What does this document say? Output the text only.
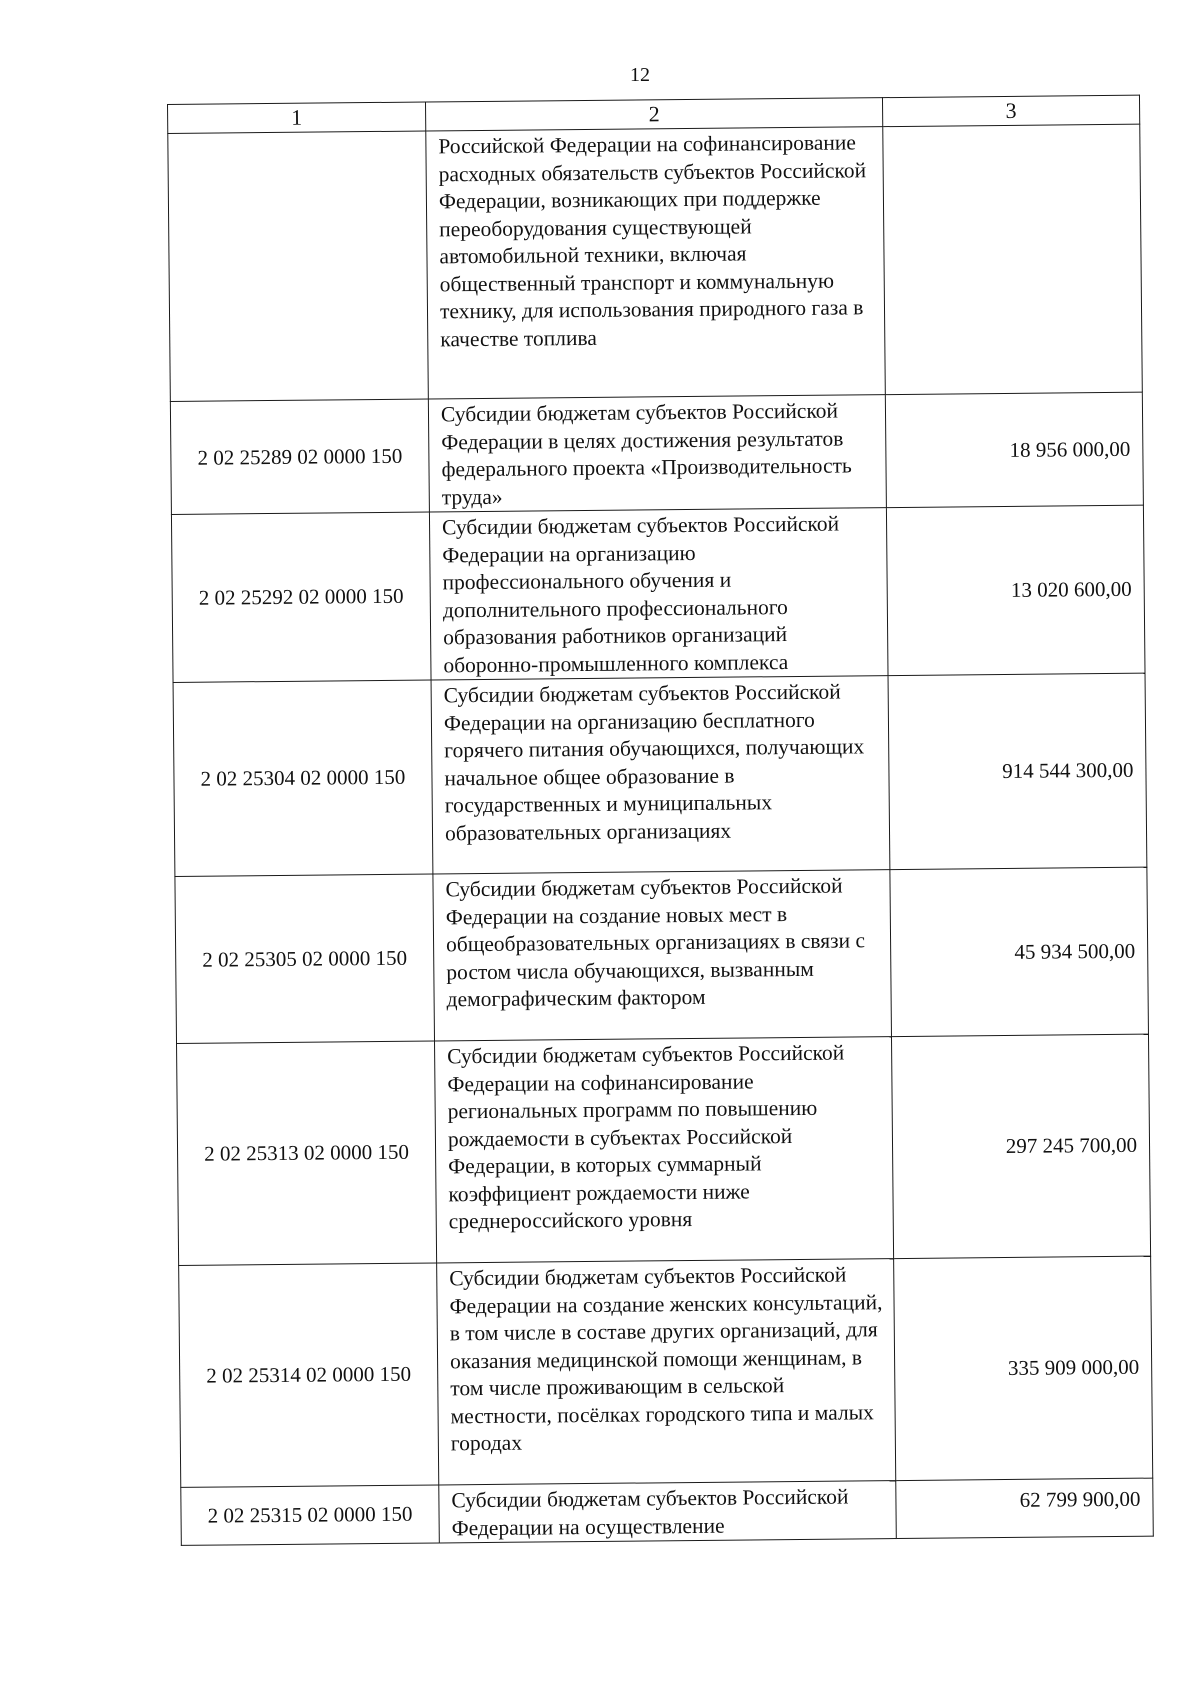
12
1	2	3
	Российской Федерации на софинансирование расходных обязательств субъектов Российской Федерации, возникающих при поддержке переоборудования существующей автомобильной техники, включая общественный транспорт и коммунальную технику, для использования природного газа в качестве топлива	
2 02 25289 02 0000 150	Субсидии бюджетам субъектов Российской Федерации в целях достижения результатов федерального проекта «Производительность труда»	18 956 000,00
2 02 25292 02 0000 150	Субсидии бюджетам субъектов Российской Федерации на организацию профессионального обучения и дополнительного профессионального образования работников организаций оборонно-промышленного комплекса	13 020 600,00
2 02 25304 02 0000 150	Субсидии бюджетам субъектов Российской Федерации на организацию бесплатного горячего питания обучающихся, получающих начальное общее образование в государственных и муниципальных образовательных организациях	914 544 300,00
2 02 25305 02 0000 150	Субсидии бюджетам субъектов Российской Федерации на создание новых мест в общеобразовательных организациях в связи с ростом числа обучающихся, вызванным демографическим фактором	45 934 500,00
2 02 25313 02 0000 150	Субсидии бюджетам субъектов Российской Федерации на софинансирование региональных программ по повышению рождаемости в субъектах Российской Федерации, в которых суммарный коэффициент рождаемости ниже среднероссийского уровня	297 245 700,00
2 02 25314 02 0000 150	Субсидии бюджетам субъектов Российской Федерации на создание женских консультаций, в том числе в составе других организаций, для оказания медицинской помощи женщинам, в том числе проживающим в сельской местности, посёлках городского типа и малых городах	335 909 000,00
2 02 25315 02 0000 150	Субсидии бюджетам субъектов Российской Федерации на осуществление	62 799 900,00
